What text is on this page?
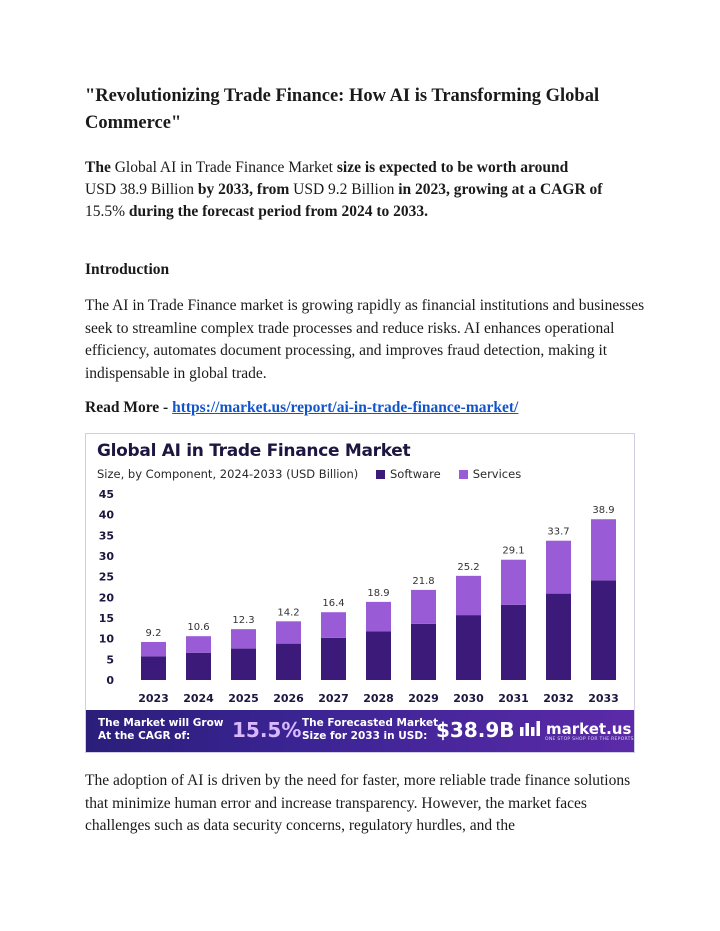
"Revolutionizing Trade Finance: How AI is Transforming Global Commerce"

The Global AI in Trade Finance Market size is expected to be worth around
USD 38.9 Billion by 2033, from USD 9.2 Billion in 2023, growing at a CAGR of
15.5% during the forecast period from 2024 to 2033.

Introduction

The AI in Trade Finance market is growing rapidly as financial institutions and businesses seek to streamline complex trade processes and reduce risks. AI enhances operational efficiency, automates document processing, and improves fraud detection, making it indispensable in global trade.

Read More - https://market.us/report/ai-in-trade-finance-market/

The adoption of AI is driven by the need for faster, more reliable trade finance solutions that minimize human error and increase transparency. However, the market faces challenges such as data security concerns, regulatory hurdles, and the

Global AI in Trade Finance Market
Size, by Component, 2024-2033 (USD Billion)	Software	Services
0
5
10
15
20
25
30
35
40
45
9.2
2023
10.6
2024
12.3
2025
14.2
2026
16.4
2027
18.9
2028
21.8
2029
25.2
2030
29.1
2031
33.7
2032
38.9
2033
The Market will Grow At the CAGR of:	15.5% The Forecasted Market Size for 2033 in USD: $38.9B market.us
ONE STOP SHOP FOR THE REPORTS
